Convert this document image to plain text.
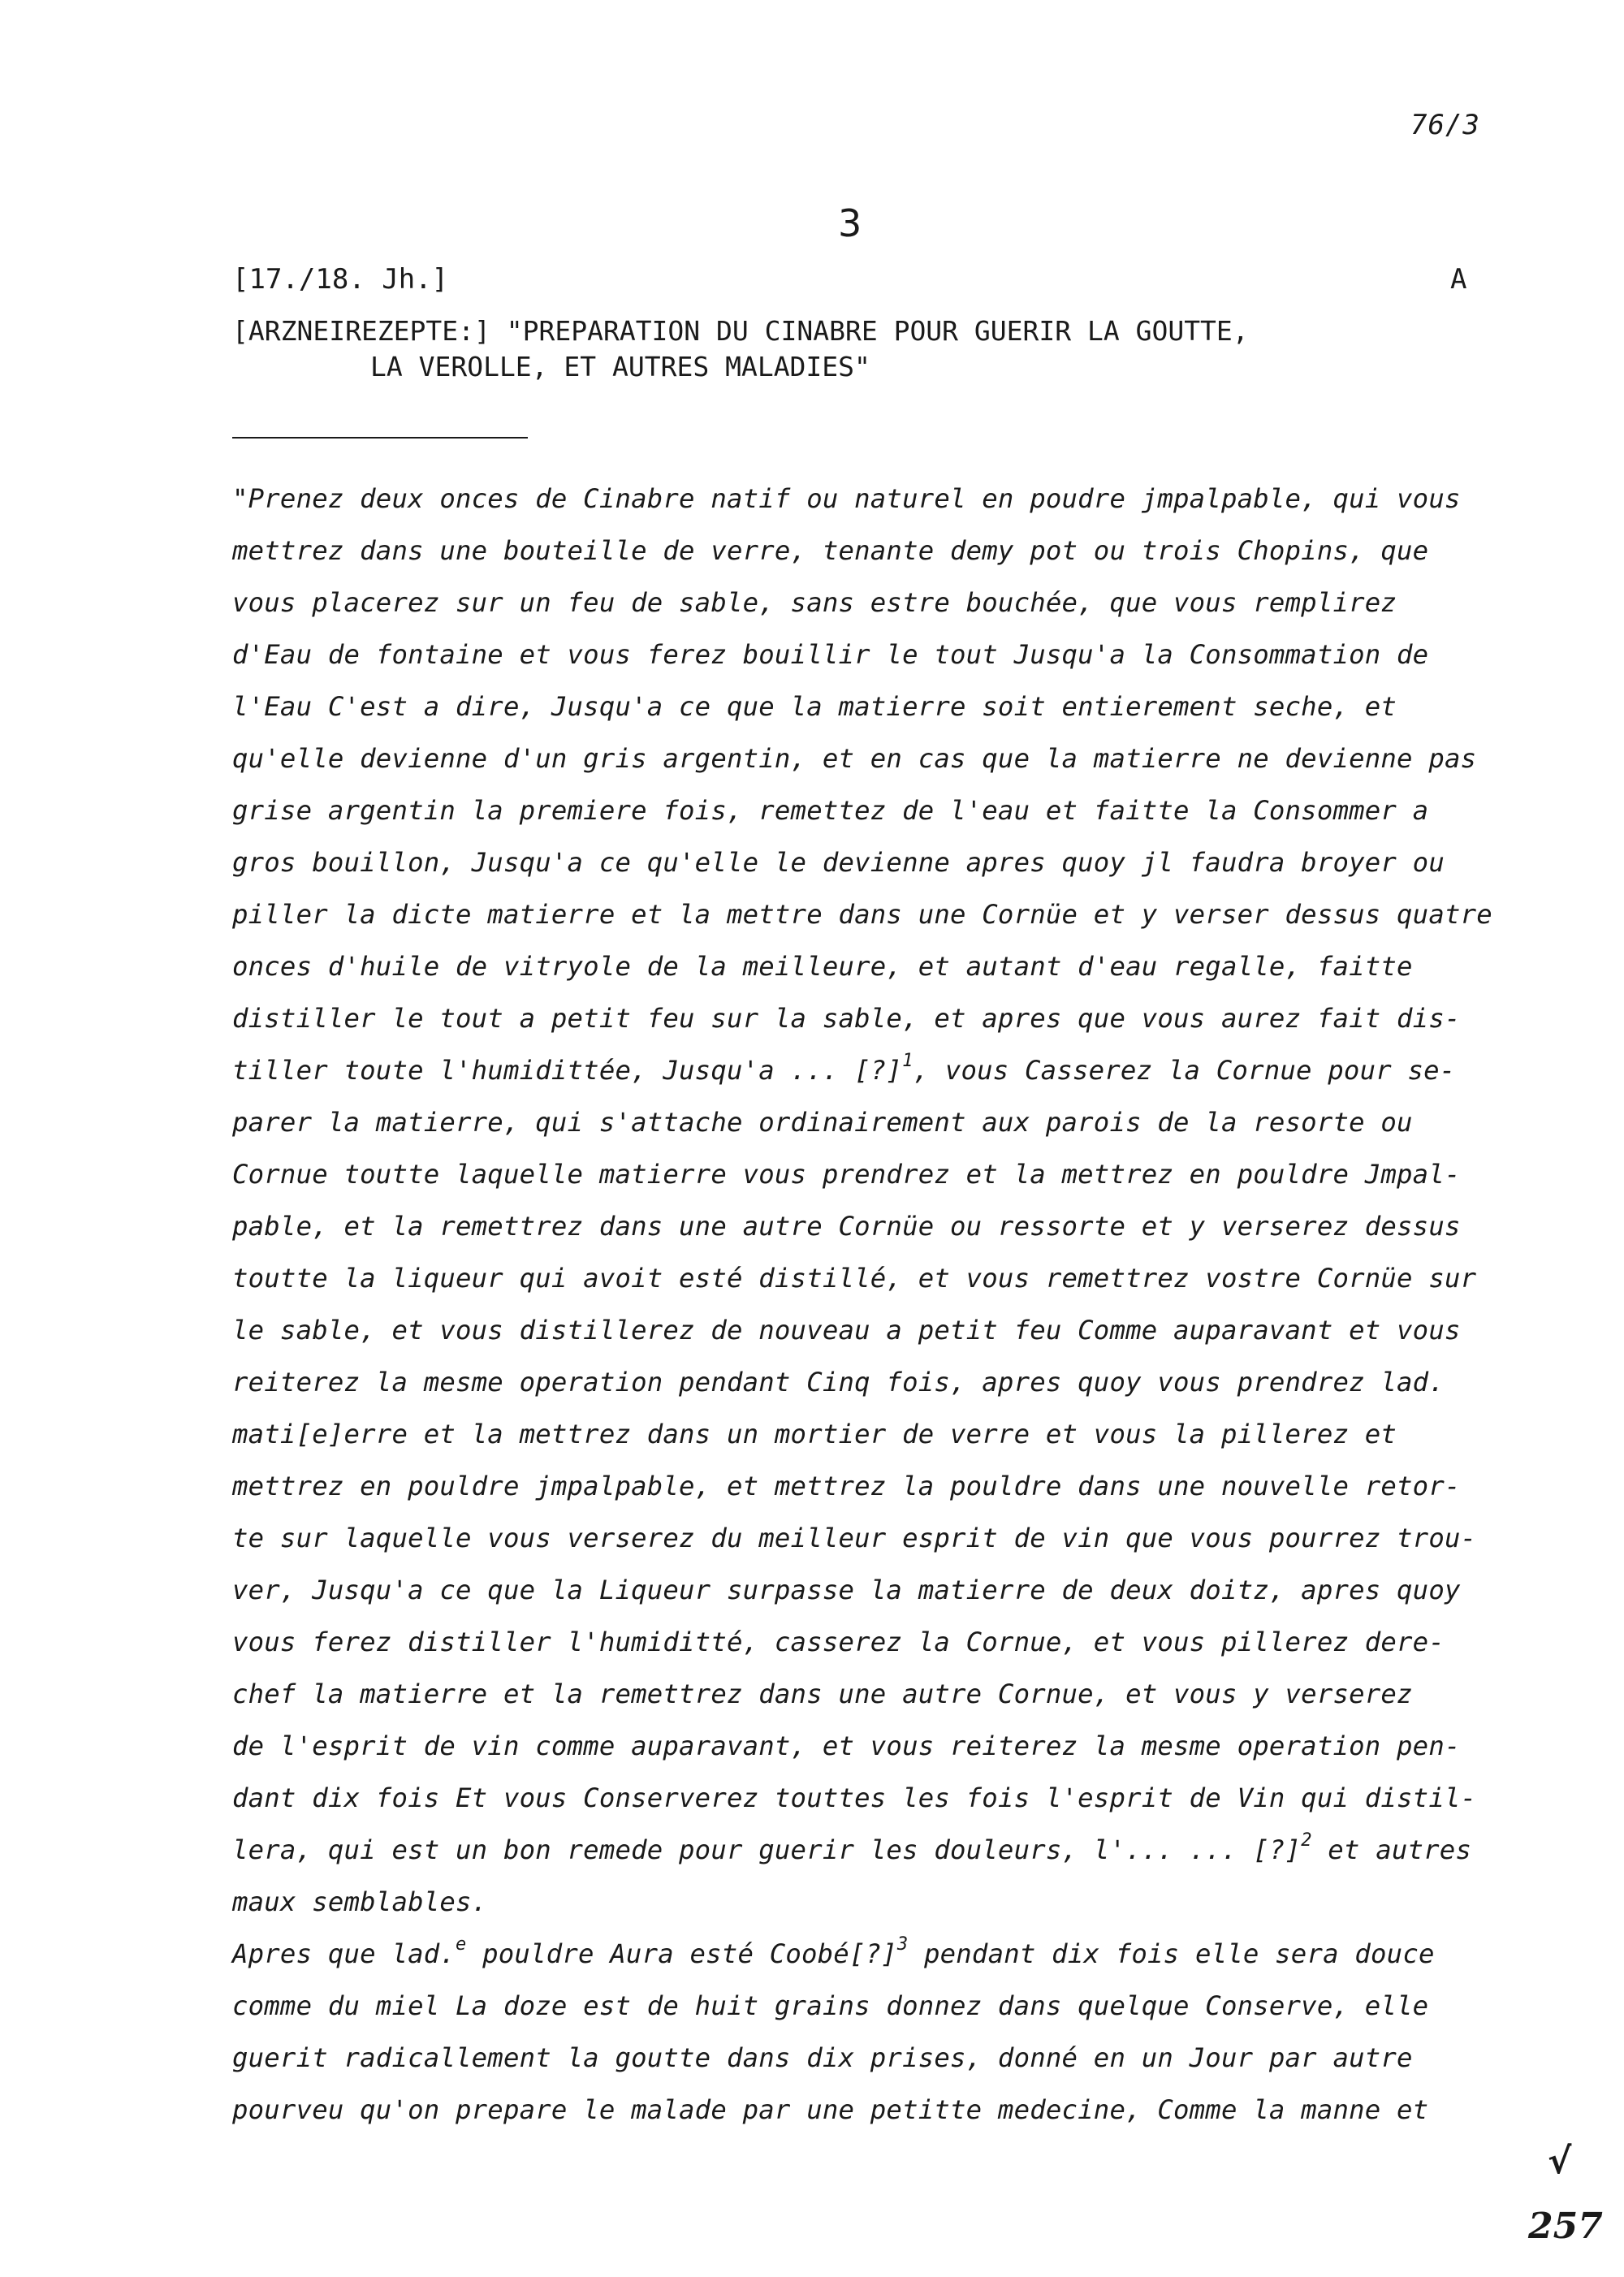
76/3
3
[17./18. Jh.]	A
[ARZNEIREZEPTE:] "PREPARATION DU CINABRE POUR GUERIR LA GOUTTE,
LA VEROLLE, ET AUTRES MALADIES"
"Prenez deux onces de Cinabre natif ou naturel en poudre jmpalpable, qui vous
mettrez dans une bouteille de verre, tenante demy pot ou trois Chopins, que
vous placerez sur un feu de sable, sans estre bouchée, que vous remplirez
d'Eau de fontaine et vous ferez bouillir le tout Jusqu'a la Consommation de
l'Eau C'est a dire, Jusqu'a ce que la matierre soit entierement seche, et
qu'elle devienne d'un gris argentin, et en cas que la matierre ne devienne pas
grise argentin la premiere fois, remettez de l'eau et faitte la Consommer a
gros bouillon, Jusqu'a ce qu'elle le devienne apres quoy jl faudra broyer ou
piller la dicte matierre et la mettre dans une Cornüe et y verser dessus quatre
onces d'huile de vitryole de la meilleure, et autant d'eau regalle, faitte
distiller le tout a petit feu sur la sable, et apres que vous aurez fait dis-
tiller toute l'humidittée, Jusqu'a ... [?]$^1$, vous Casserez la Cornue pour se-
parer la matierre, qui s'attache ordinairement aux parois de la resorte ou
Cornue toutte laquelle matierre vous prendrez et la mettrez en pouldre Jmpal-
pable, et la remettrez dans une autre Cornüe ou ressorte et y verserez dessus
toutte la liqueur qui avoit esté distillé, et vous remettrez vostre Cornüe sur
le sable, et vous distillerez de nouveau a petit feu Comme auparavant et vous
reiterez la mesme operation pendant Cinq fois, apres quoy vous prendrez lad.
mati[e]erre et la mettrez dans un mortier de verre et vous la pillerez et
mettrez en pouldre jmpalpable, et mettrez la pouldre dans une nouvelle retor-
te sur laquelle vous verserez du meilleur esprit de vin que vous pourrez trou-
ver, Jusqu'a ce que la Liqueur surpasse la matierre de deux doitz, apres quoy
vous ferez distiller l'humiditté, casserez la Cornue, et vous pillerez dere-
chef la matierre et la remettrez dans une autre Cornue, et vous y verserez
de l'esprit de vin comme auparavant, et vous reiterez la mesme operation pen-
dant dix fois Et vous Conserverez touttes les fois l'esprit de Vin qui distil-
lera, qui est un bon remede pour guerir les douleurs, l'... ... [?]$^2$ et autres
maux semblables.
Apres que lad.$^e$ pouldre Aura esté Coobé[?]$^3$ pendant dix fois elle sera douce
comme du miel La doze est de huit grains donnez dans quelque Conserve, elle
guerit radicallement la goutte dans dix prises, donné en un Jour par autre
pourveu qu'on prepare le malade par une petitte medecine, Comme la manne et
√
257
